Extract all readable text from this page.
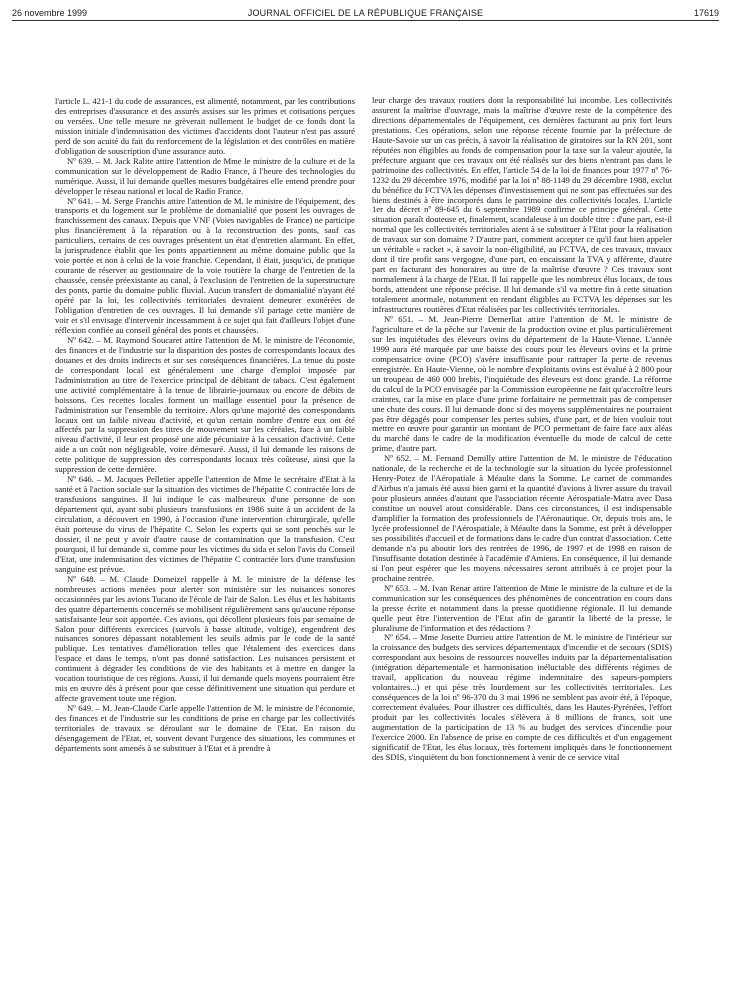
26 novembre 1999	JOURNAL OFFICIEL DE LA RÉPUBLIQUE FRANÇAISE	17619

l'article L. 421-1 du code de assurances, est alimenté, notamment, par les contributions des entreprises d'assurance et des assurés assises sur les primes et cotisations perçues ou versées. Une telle mesure ne grèverait nullement le budget de ce fonds dont la mission initiale d'indemnisation des victimes d'accidents dont l'auteur n'est pas assuré perd de son acuité du fait du renforcement de la législation et des contrôles en matière d'obligation de souscription d'une assurance auto.

Nº 639. – M. Jack Ralite attire l'attention de Mme le ministre de la culture et de la communication sur le développement de Radio France, à l'heure des technologies du numérique. Aussi, il lui demande quelles mesures budgétaires elle entend prendre pour développer le réseau national et local de Radio France.

Nº 641. – M. Serge Franchis attire l'attention de M. le ministre de l'équipement, des transports et du logement sur le problème de domanialité que posent les ouvrages de franchissement des canaux. Depuis que VNF (Voies navigables de France) ne participe plus financièrement à la réparation ou à la reconstruction des ponts, sauf cas particuliers, certains de ces ouvrages présentent un état d'entretien alarmant. En effet, la jurisprudence établit que les ponts appartiennent au même domaine public que la voie portée et non à celui de la voie franchie. Cependant, il était, jusqu'ici, de pratique courante de réserver au gestionnaire de la voie routière la charge de l'entretien de la chaussée, censée préexistante au canal, à l'exclusion de l'entretien de la superstructure des ponts, partie du domaine public fluvial. Aucun transfert de domanialité n'ayant été opéré par la loi, les collectivités territoriales devraient demeurer exonérées de l'obligation d'entretien de ces ouvrages. Il lui demande s'il partage cette manière de voir et s'il envisage d'intervenir incessamment à ce sujet qui fait d'ailleurs l'objet d'une réflexion confiée au conseil général des ponts et chaussées.

Nº 642. – M. Raymond Soucaret attire l'attention de M. le ministre de l'économie, des finances et de l'industrie sur la disparition des postes de correspondants locaux des douanes et des droits indirects et sur ses conséquences financières. La tenue du poste de correspondant local est généralement une charge d'emploi imposée par l'administration au titre de l'exercice principal de débitant de tabacs. C'est également une activité complémentaire à la tenue de librairie-journaux ou encore de débits de boissons. Ces recettes locales forment un maillage essentiel pour la présence de l'administration sur l'ensemble du territoire. Alors qu'une majorité des correspondants locaux ont un faible niveau d'activité, et qu'un certain nombre d'entre eux ont été affectés par la suppression des titres de mouvement sur les céréales, face à un faible niveau d'activité, il leur est proposé une aide pécuniaire à la cessation d'activité. Cette aide a un coût non négligeable, voire démesuré. Aussi, il lui demande les raisons de cette politique de suppression des correspondants locaux très coûteuse, ainsi que la suppression de cette dernière.

Nº 646. – M. Jacques Pelletier appelle l'attention de Mme le secrétaire d'Etat à la santé et à l'action sociale sur la situation des victimes de l'hépatite C contractée lors de transfusions sanguines. Il lui indique le cas malheureux d'une personne de son département qui, ayant subi plusieurs transfusions en 1986 suite à un accident de la circulation, a découvert en 1990, à l'occasion d'une intervention chirurgicale, qu'elle était porteuse du virus de l'hépatite C. Selon les experts qui se sont penchés sur le dossier, il ne peut y avoir d'autre cause de contamination que la transfusion. C'est pourquoi, il lui demande si, comme pour les victimes du sida et selon l'avis du Conseil d'Etat, une indemnisation des victimes de l'hépatite C contractée lors d'une transfusion sanguine est prévue.

Nº 648. – M. Claude Domeizel rappelle à M. le ministre de la défense les nombreuses actions menées pour alerter son ministère sur les nuisances sonores occasionnées par les avions Tucano de l'école de l'air de Salon. Les élus et les habitants des quatre départements concernés se mobilisent régulièrement sans qu'aucune réponse satisfaisante leur soit apportée. Ces avions, qui décollent plusieurs fois par semaine de Salon pour différents exercices (survols à basse altitude, voltige), engendrent des nuisances sonores dépassant notablement les seuils admis par le code de la santé publique. Les tentatives d'amélioration telles que l'étalement des exercices dans l'espace et dans le temps, n'ont pas donné satisfaction. Les nuisances persistent et continuent à dégrader les conditions de vie des habitants et à mettre en danger la vocation touristique de ces régions. Aussi, il lui demande quels moyens pourraient être mis en œuvre dès à présent pour que cesse définitivement une situation qui perdure et affecte gravement toute une région.

Nº 649. – M. Jean-Claude Carle appelle l'attention de M. le ministre de l'économie, des finances et de l'industrie sur les conditions de prise en charge par les collectivités territoriales de travaux se déroulant sur le domaine de l'Etat. En raison du désengagement de l'Etat, et, souvent devant l'urgence des situations, les communes et départements sont amenés à se substituer à l'Etat et à prendre à

leur charge des travaux routiers dont la responsabilité lui incombe. Les collectivités assurent la maîtrise d'ouvrage, mais la maîtrise d'œuvre reste de la compétence des directions départementales de l'équipement, ces dernières facturant au prix fort leurs prestations. Ces opérations, selon une réponse récente fournie par la préfecture de Haute-Savoie sur un cas précis, à savoir la réalisation de giratoires sur la RN 201, sont réputées non éligibles au fonds de compensation pour la taxe sur la valeur ajoutée, la préfecture arguant que ces travaux ont été réalisés sur des biens n'entrant pas dans le patrimoine des collectivités. En effet, l'article 54 de la loi de finances pour 1977 nº 76-1232 du 29 décembre 1976, modifié par la loi nº 88-1149 du 29 décembre 1988, exclut du bénéfice du FCTVA les dépenses d'investissement qui ne sont pas effectuées sur des biens destinés à être incorporés dans le patrimoine des collectivités locales. L'article 1er du décret nº 89-645 du 6 septembre 1989 confirme ce principe général. Cette situation paraît douteuse et, finalement, scandaleuse à un double titre : d'une part, est-il normal que les collectivités territoriales aient à se substituer à l'Etat pour la réalisation de travaux sur son domaine ? D'autre part, comment accepter ce qu'il faut bien appeler un véritable « racket », à savoir la non-éligibilité, au FCTVA, de ces travaux, travaux dont il tire profit sans vergogne, d'une part, en encaissant la TVA y afférente, d'autre part en facturant des honoraires au titre de la maîtrise d'œuvre ? Ces travaux sont normalement à la charge de l'Etat. Il lui rappelle que les nombreux élus locaux, de tous bords, attendent une réponse précise. Il lui demande s'il va mettre fin à cette situation totalement anormale, notamment en rendant éligibles au FCTVA les dépenses sur les infrastructures routières d'Etat réalisées par les collectivités territoriales.

Nº 651. – M. Jean-Pierre Demerliat attire l'attention de M. le ministre de l'agriculture et de la pêche sur l'avenir de la production ovine et plus particulièrement sur les inquiétudes des éleveurs ovins du département de la Haute-Vienne. L'année 1999 aura été marquée par une baisse des cours pour les éleveurs ovins et la prime compensatrice ovine (PCO) s'avère insuffisante pour rattraper la perte de revenus enregistrée. En Haute-Vienne, où le nombre d'exploitants ovins est évalué à 2 800 pour un troupeau de 460 000 brebis, l'inquiétude des éleveurs est donc grande. La réforme du calcul de la PCO envisagée par la Commission européenne ne fait qu'accroître leurs craintes, car la mise en place d'une prime forfaitaire ne permettrait pas de compenser une chute des cours. Il lui demande donc si des moyens supplémentaires ne pourraient pas être dégagés pour compenser les pertes subies, d'une part, et de bien vouloir tout mettre en œuvre pour garantir un montant de PCO permettant de faire face aux aléas du marché dans le cadre de la modification éventuelle du mode de calcul de cette prime, d'autre part.

Nº 652. – M. Fernand Demilly attire l'attention de M. le ministre de l'éducation nationale, de la recherche et de la technologie sur la situation du lycée professionnel Henry-Potez de l'Aéropatiale à Méaulte dans la Somme. Le carnet de commandes d'Airbus n'a jamais été aussi bien garni et la quantité d'avions à livrer assure du travail pour plusieurs années d'autant que l'association récente Aérospatiale-Matra avec Dasa constitue un nouvel atout considérable. Dans ces circonstances, il est indispensable d'amplifier la formation des professionnels de l'Aéronautique. Or, depuis trois ans, le lycée professionnel de l'Aérospatiale, à Méaulte dans la Somme, est prêt à développer ses possibilités d'accueil et de formations dans le cadre d'un contrat d'association. Cette demande n'a pu aboutir lors des rentrées de 1996, de 1997 et de 1998 en raison de l'insuffisante dotation destinée à l'académie d'Amiens. En conséquence, il lui demande si l'on peut espérer que les moyens nécessaires seront attribués à ce projet pour la prochaine rentrée.

Nº 653. – M. Ivan Renar attire l'attention de Mme le ministre de la culture et de la communication sur les conséquences des phénomènes de concentration en cours dans la presse écrite et notamment dans la presse quotidienne régionale. Il lui demande quelle peut être l'intervention de l'Etat afin de garantir la liberté de la presse, le pluralisme de l'information et des rédactions ?

Nº 654. – Mme Josette Durrieu attire l'attention de M. le ministre de l'intérieur sur la croissance des budgets des services départementaux d'incendie et de secours (SDIS) correspondant aux besoins de ressources nouvelles induits par la départementalisation (intégration départementale et harmonisation inéluctable des différents régimes de travail, application du nouveau régime indemnitaire des sapeurs-pompiers volontaires...) et qui pèse très lourdement sur les collectivités territoriales. Les conséquences de la loi nº 96-370 du 3 mai 1996 ne semblent pas avoir été, à l'époque, correctement évaluées. Pour illustrer ces difficultés, dans les Hautes-Pyrénées, l'effort produit par les collectivités locales s'élèvera à 8 millions de francs, soit une augmentation de la participation de 13 % au budget des services d'incendie pour l'exercice 2000. En l'absence de prise en compte de ces difficultés et d'un engagement significatif de l'Etat, les élus locaux, très fortement impliqués dans le fonctionnement des SDIS, s'inquiètent du bon fonctionnement à venir de ce service vital
